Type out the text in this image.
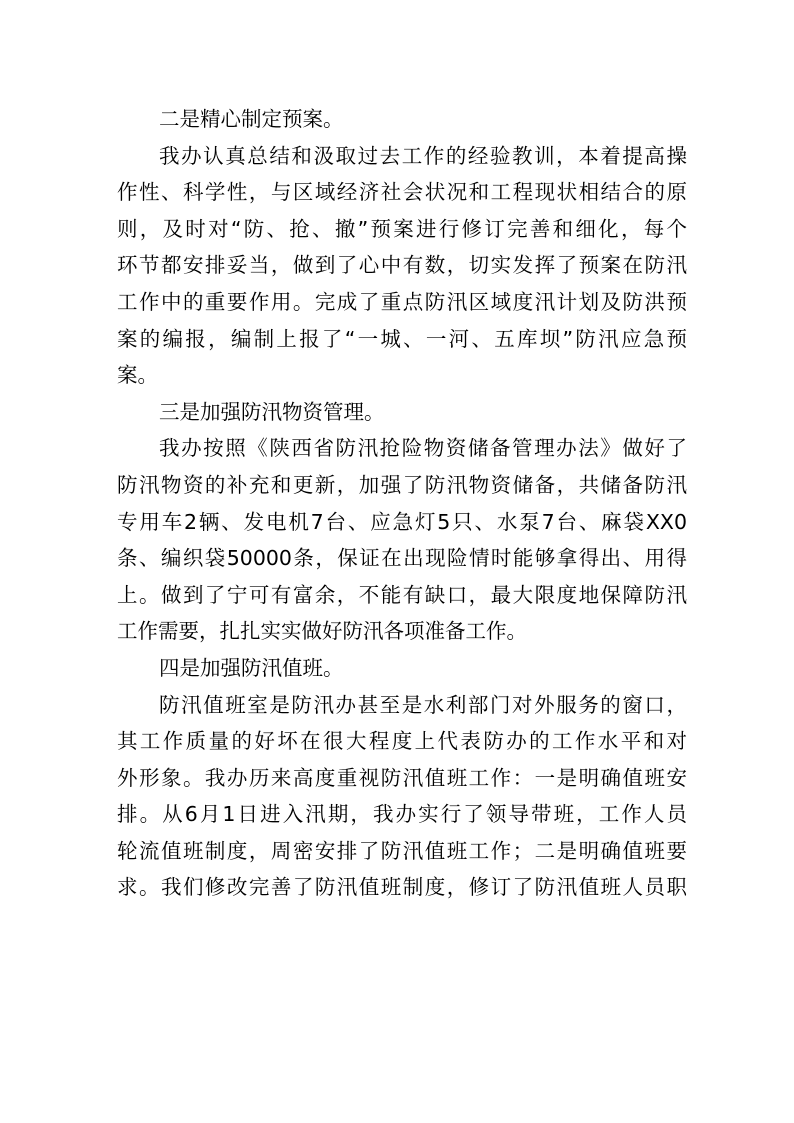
二是精心制定预案。
我办认真总结和汲取过去工作的经验教训，本着提高操
作性、科学性，与区域经济社会状况和工程现状相结合的原
则，及时对“防、抢、撤”预案进行修订完善和细化，每个
环节都安排妥当，做到了心中有数，切实发挥了预案在防汛
工作中的重要作用。完成了重点防汛区域度汛计划及防洪预
案的编报，编制上报了“一城、一河、五库坝”防汛应急预
案。
三是加强防汛物资管理。
我办按照《陕西省防汛抢险物资储备管理办法》做好了
防汛物资的补充和更新，加强了防汛物资储备，共储备防汛
专用车2辆、发电机7台、应急灯5只、水泵7台、麻袋XX0
条、编织袋50000条，保证在出现险情时能够拿得出、用得
上。做到了宁可有富余，不能有缺口，最大限度地保障防汛
工作需要，扎扎实实做好防汛各项准备工作。
四是加强防汛值班。
防汛值班室是防汛办甚至是水利部门对外服务的窗口，
其工作质量的好坏在很大程度上代表防办的工作水平和对
外形象。我办历来高度重视防汛值班工作：一是明确值班安
排。从6月1日进入汛期，我办实行了领导带班，工作人员
轮流值班制度，周密安排了防汛值班工作；二是明确值班要
求。我们修改完善了防汛值班制度，修订了防汛值班人员职
